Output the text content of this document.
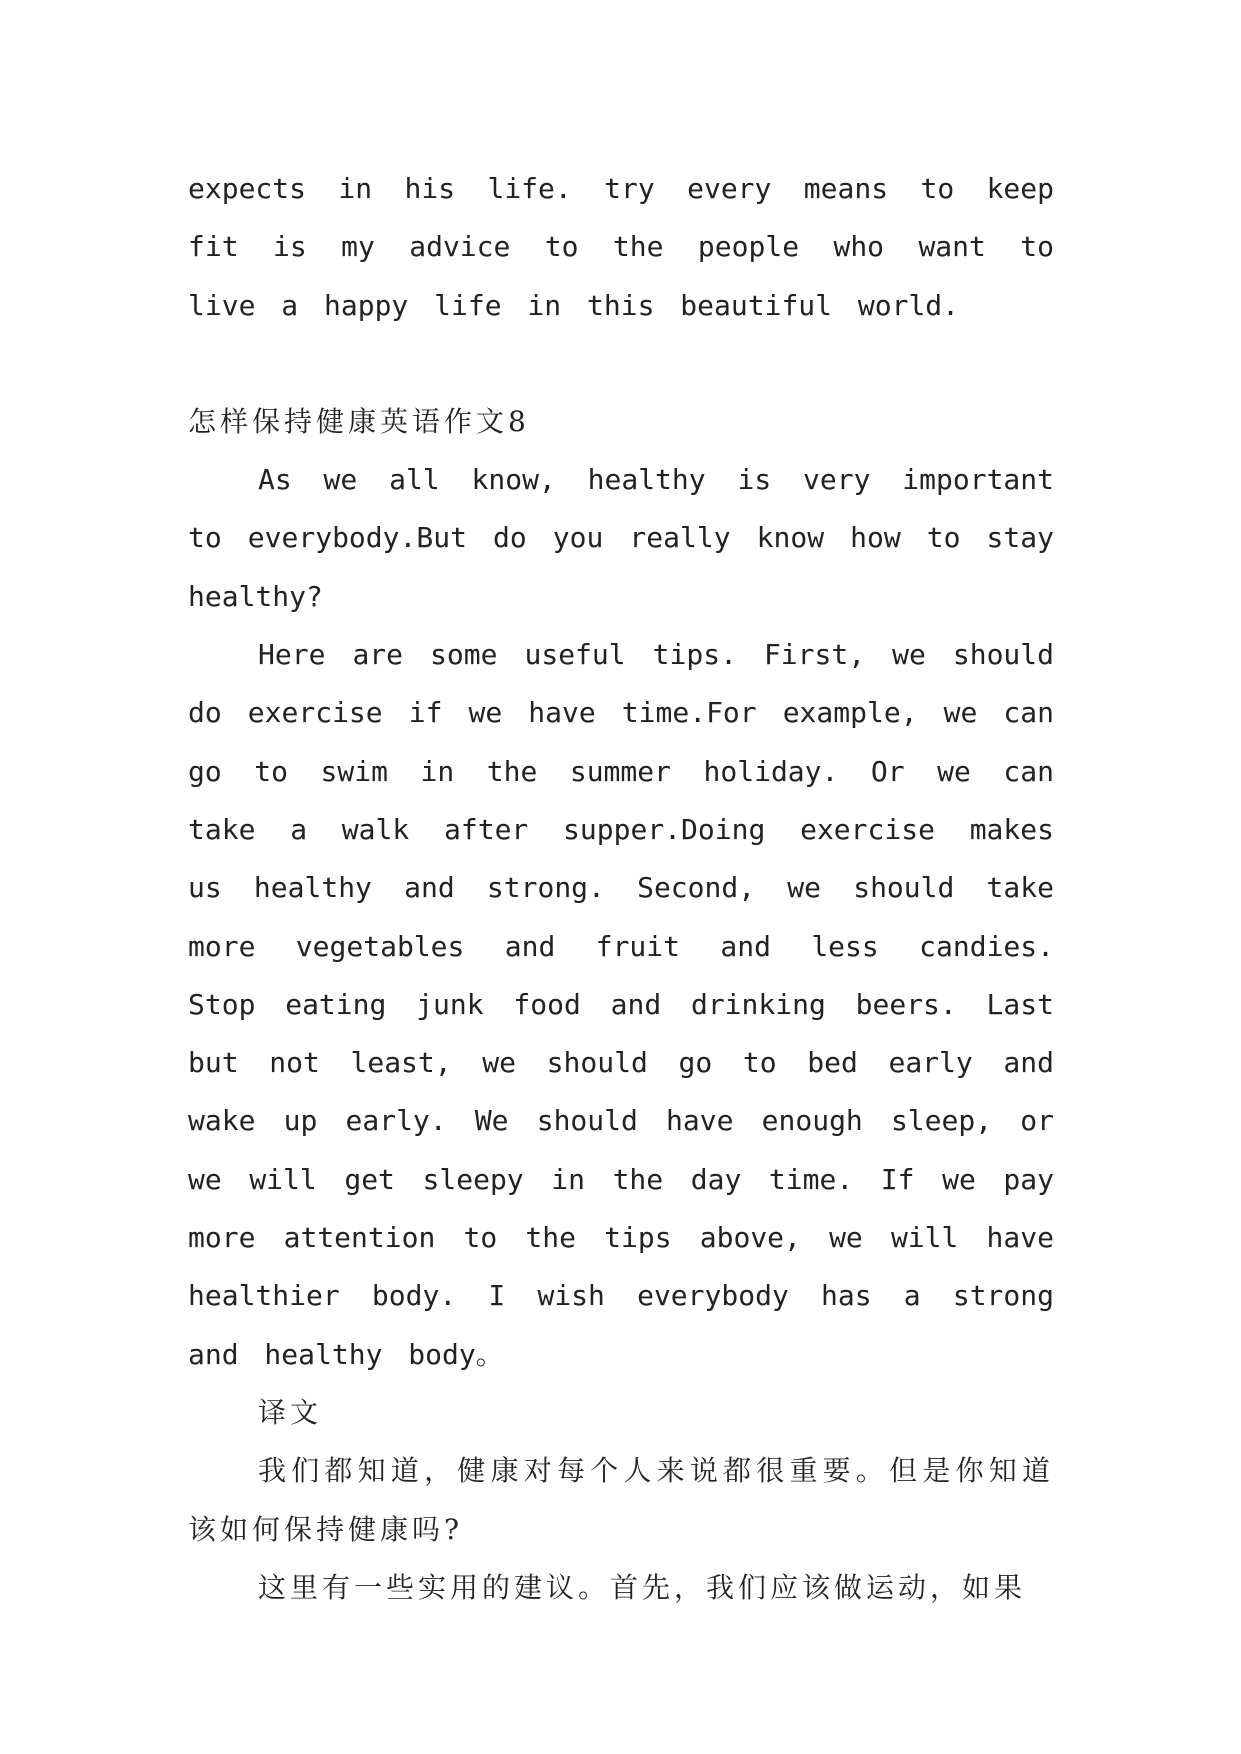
expects in his life. try every means to keep fit is my advice to the people who want to live a happy life in this beautiful world.

怎样保持健康英语作文8

As we all know, healthy is very important to everybody.But do you really know how to stay healthy?

Here are some useful tips. First, we should do exercise if we have time.For example, we can go to swim in the summer holiday. Or we can take a walk after supper.Doing exercise makes us healthy and strong. Second, we should take more vegetables and fruit and less candies. Stop eating junk food and drinking beers. Last but not least, we should go to bed early and wake up early. We should have enough sleep, or we will get sleepy in the day time. If we pay more attention to the tips above, we will have healthier body. I wish everybody has a strong and healthy body。

译文

我们都知道，健康对每个人来说都很重要。但是你知道该如何保持健康吗?

这里有一些实用的建议。首先，我们应该做运动，如果
